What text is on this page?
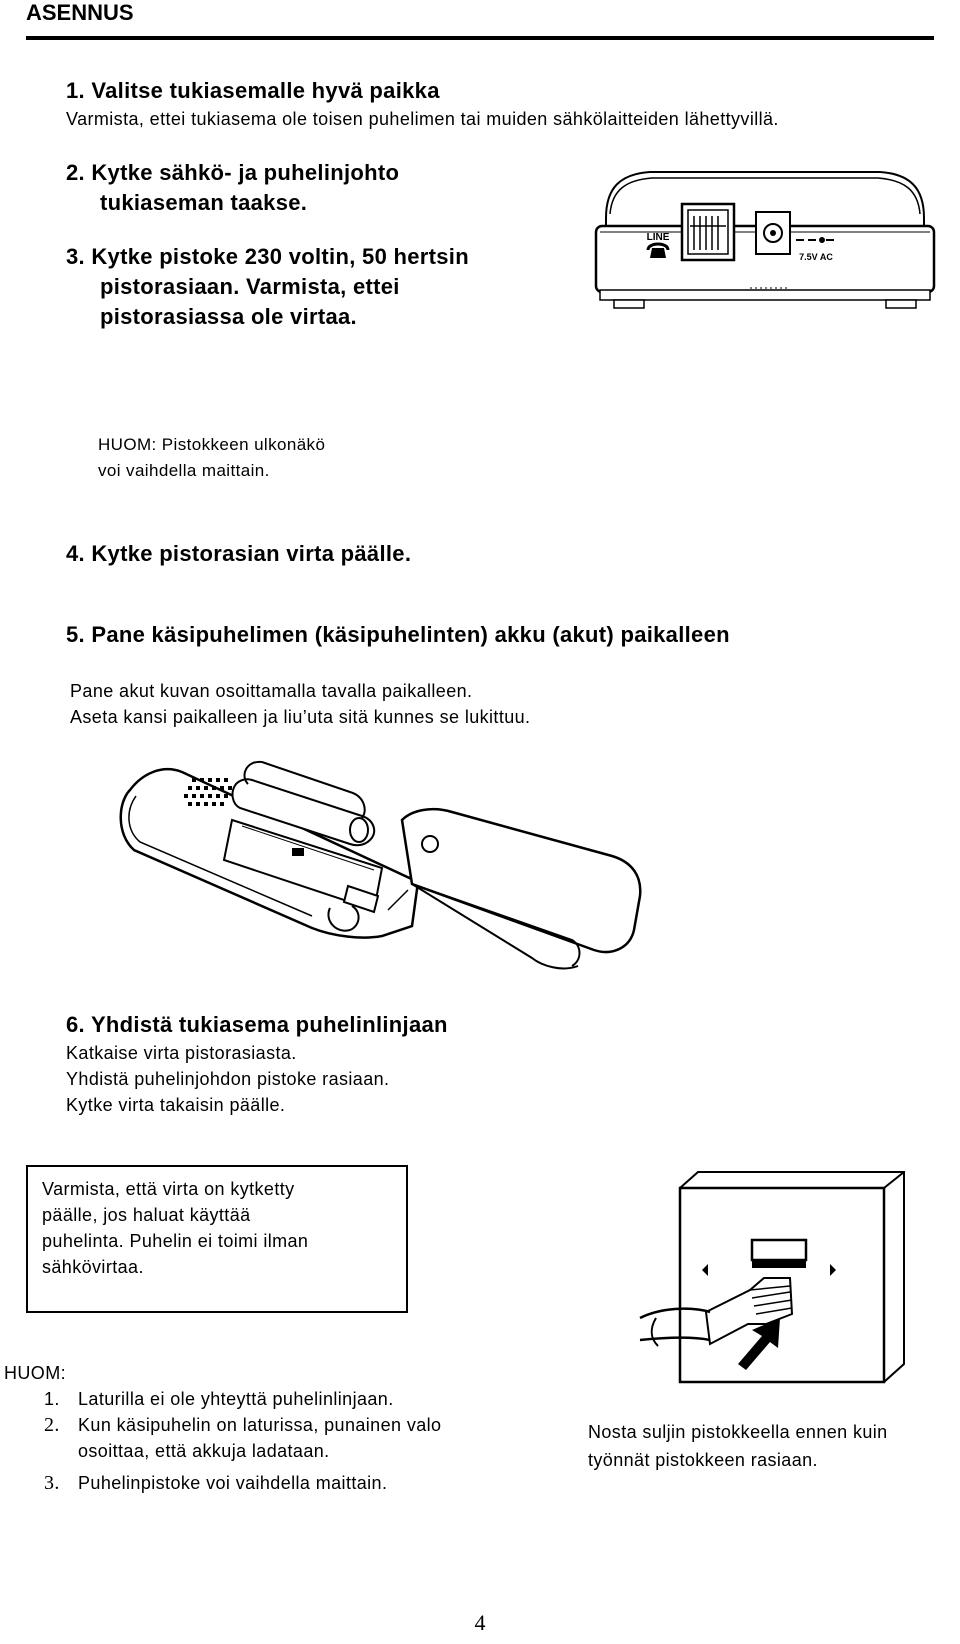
ASENNUS
1. Valitse tukiasemalle hyvä paikka
Varmista, ettei tukiasema ole toisen puhelimen tai muiden sähkölaitteiden lähettyvillä.
2. Kytke sähkö- ja puhelinjohto
tukiaseman taakse.
3. Kytke pistoke 230 voltin, 50 hertsin
pistorasiaan. Varmista, ettei
pistorasiassa ole virtaa.
LINE
7.5V AC
HUOM: Pistokkeen ulkonäkö
voi vaihdella maittain.
4. Kytke pistorasian virta päälle.
5. Pane käsipuhelimen (käsipuhelinten) akku (akut) paikalleen
Pane akut kuvan osoittamalla tavalla paikalleen.
Aseta kansi paikalleen ja liu’uta sitä kunnes se lukittuu.
6. Yhdistä tukiasema puhelinlinjaan
Katkaise virta pistorasiasta.
Yhdistä puhelinjohdon pistoke rasiaan.
Kytke virta takaisin päälle.
Varmista, että virta on kytketty
päälle, jos haluat käyttää
puhelinta. Puhelin ei toimi ilman
sähkövirtaa.
HUOM:
1. Laturilla ei ole yhteyttä puhelinlinjaan.
2. Kun käsipuhelin on laturissa, punainen valo
osoittaa, että akkuja ladataan.
3. Puhelinpistoke voi vaihdella maittain.
Nosta suljin pistokkeella ennen kuin
työnnät pistokkeen rasiaan.
4
